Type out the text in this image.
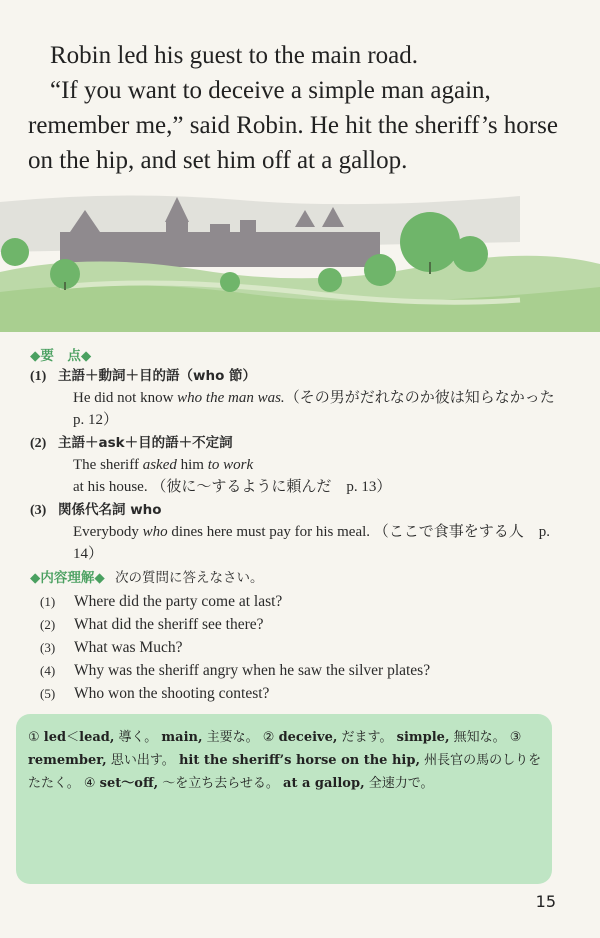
Robin led his guest to the main road.

“If you want to deceive a simple man again, remember me,” said Robin. He hit the sheriff’s horse on the hip, and set him off at a gallop.

◆要　点◆
(1) 主語＋動詞＋目的語（who 節）
He did not know who the man was.（その男がだれなのか彼は知らなかった　p. 12）
(2) 主語＋ask＋目的語＋不定詞
The sheriff asked him to work at his house. （彼に～するように頼んだ　p. 13）
(3) 関係代名詞 who
Everybody who dines here must pay for his meal. （ここで食事をする人　p. 14）
◆内容理解◆ 次の質問に答えなさい。
(1) Where did the party come at last?
(2) What did the sheriff see there?
(3) What was Much?
(4) Why was the sheriff angry when he saw the silver plates?
(5) Who won the shooting contest?
① led＜lead, 導く。 main, 主要な。 ② deceive, だます。 simple, 無知な。 ③ remember, 思い出す。 hit the sheriff’s horse on the hip, 州長官の馬のしりをたたく。 ④ set～off, ～を立ち去らせる。 at a gallop, 全速力で。
15
